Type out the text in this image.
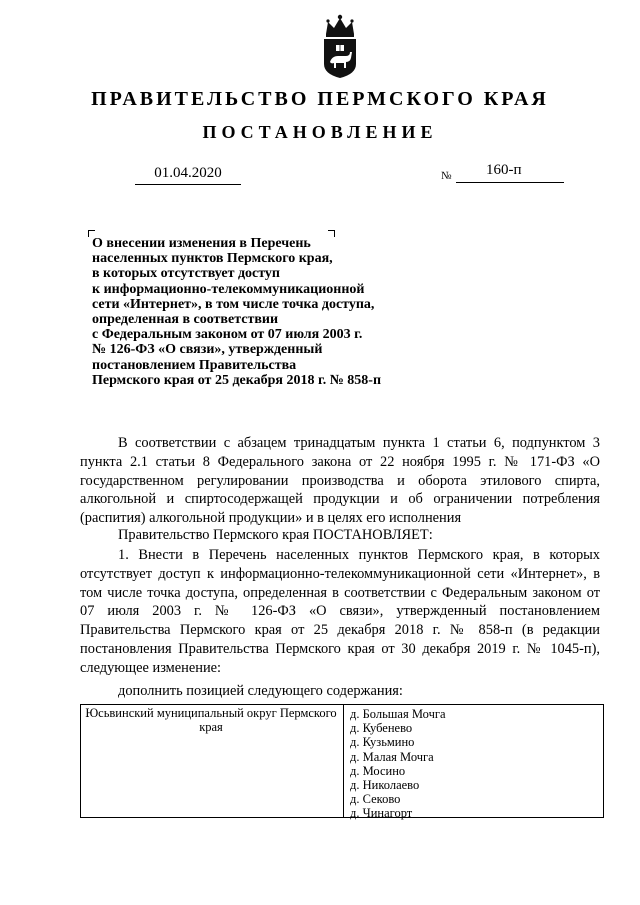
ПРАВИТЕЛЬСТВО ПЕРМСКОГО КРАЯ
ПОСТАНОВЛЕНИЕ
01.04.2020	№ 160-п
О внесении изменения в Перечень
населенных пунктов Пермского края,
в которых отсутствует доступ
к информационно-телекоммуникационной
сети «Интернет», в том числе точка доступа,
определенная в соответствии
с Федеральным законом от 07 июля 2003 г.
№ 126-ФЗ «О связи», утвержденный
постановлением Правительства
Пермского края от 25 декабря 2018 г. № 858-п
В соответствии с абзацем тринадцатым пункта 1 статьи 6, подпунктом 3 пункта 2.1 статьи 8 Федерального закона от 22 ноября 1995 г. № 171-ФЗ «О государственном регулировании производства и оборота этилового спирта, алкогольной и спиртосодержащей продукции и об ограничении потребления (распития) алкогольной продукции» и в целях его исполнения
Правительство Пермского края ПОСТАНОВЛЯЕТ:
1. Внести в Перечень населенных пунктов Пермского края, в которых отсутствует доступ к информационно-телекоммуникационной сети «Интернет», в том числе точка доступа, определенная в соответствии с Федеральным законом от 07 июля 2003 г. № 126-ФЗ «О связи», утвержденный постановлением Правительства Пермского края от 25 декабря 2018 г. № 858-п (в редакции постановления Правительства Пермского края от 30 декабря 2019 г. № 1045-п), следующее изменение:
дополнить позицией следующего содержания:
Юсьвинский муниципальный округ Пермского края
д. Большая Мочга
д. Кубенево
д. Кузьмино
д. Малая Мочга
д. Мосино
д. Николаево
д. Секово
д. Чинагорт
